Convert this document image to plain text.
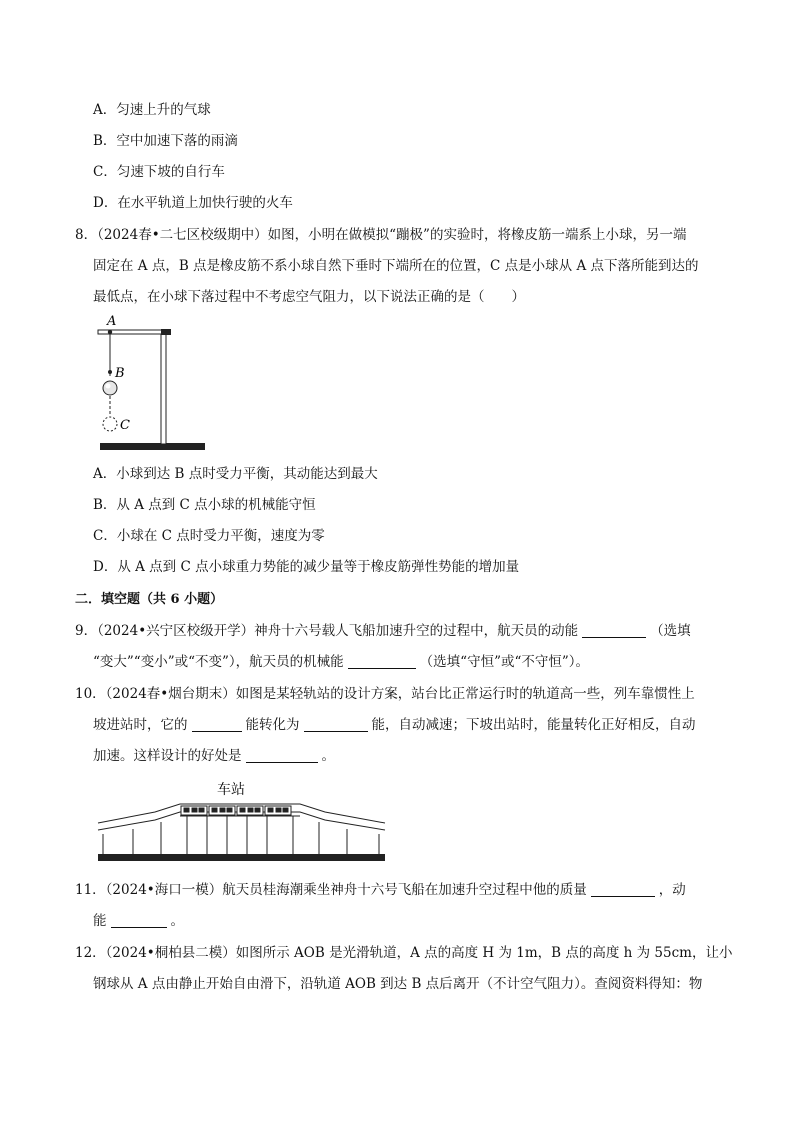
A．匀速上升的气球
B．空中加速下落的雨滴
C．匀速下坡的自行车
D．在水平轨道上加快行驶的火车
8．（2024春•二七区校级期中）如图，小明在做模拟“蹦极”的实验时，将橡皮筋一端系上小球，另一端
固定在 A 点，B 点是橡皮筋不系小球自然下垂时下端所在的位置，C 点是小球从 A 点下落所能到达的
最低点，在小球下落过程中不考虑空气阻力，以下说法正确的是（　　）
A
B
C
A．小球到达 B 点时受力平衡，其动能达到最大
B．从 A 点到 C 点小球的机械能守恒
C．小球在 C 点时受力平衡，速度为零
D．从 A 点到 C 点小球重力势能的减少量等于橡皮筋弹性势能的增加量
二．填空题（共 6 小题）
9．（2024•兴宁区校级开学）神舟十六号载人飞船加速升空的过程中，航天员的动能	（选填
“变大”“变小”或“不变”），航天员的机械能	（选填“守恒”或“不守恒”）。
10．（2024春•烟台期末）如图是某轻轨站的设计方案，站台比正常运行时的轨道高一些，列车靠惯性上
坡进站时，它的	能转化为	能，自动减速；下坡出站时，能量转化正好相反，自动
加速。这样设计的好处是	。
车站
11．（2024•海口一模）航天员桂海潮乘坐神舟十六号飞船在加速升空过程中他的质量	，动
能	。
12．（2024•桐柏县二模）如图所示 AOB 是光滑轨道，A 点的高度 H 为 1m，B 点的高度 h 为 55cm，让小
钢球从 A 点由静止开始自由滑下，沿轨道 AOB 到达 B 点后离开（不计空气阻力）。查阅资料得知：物
